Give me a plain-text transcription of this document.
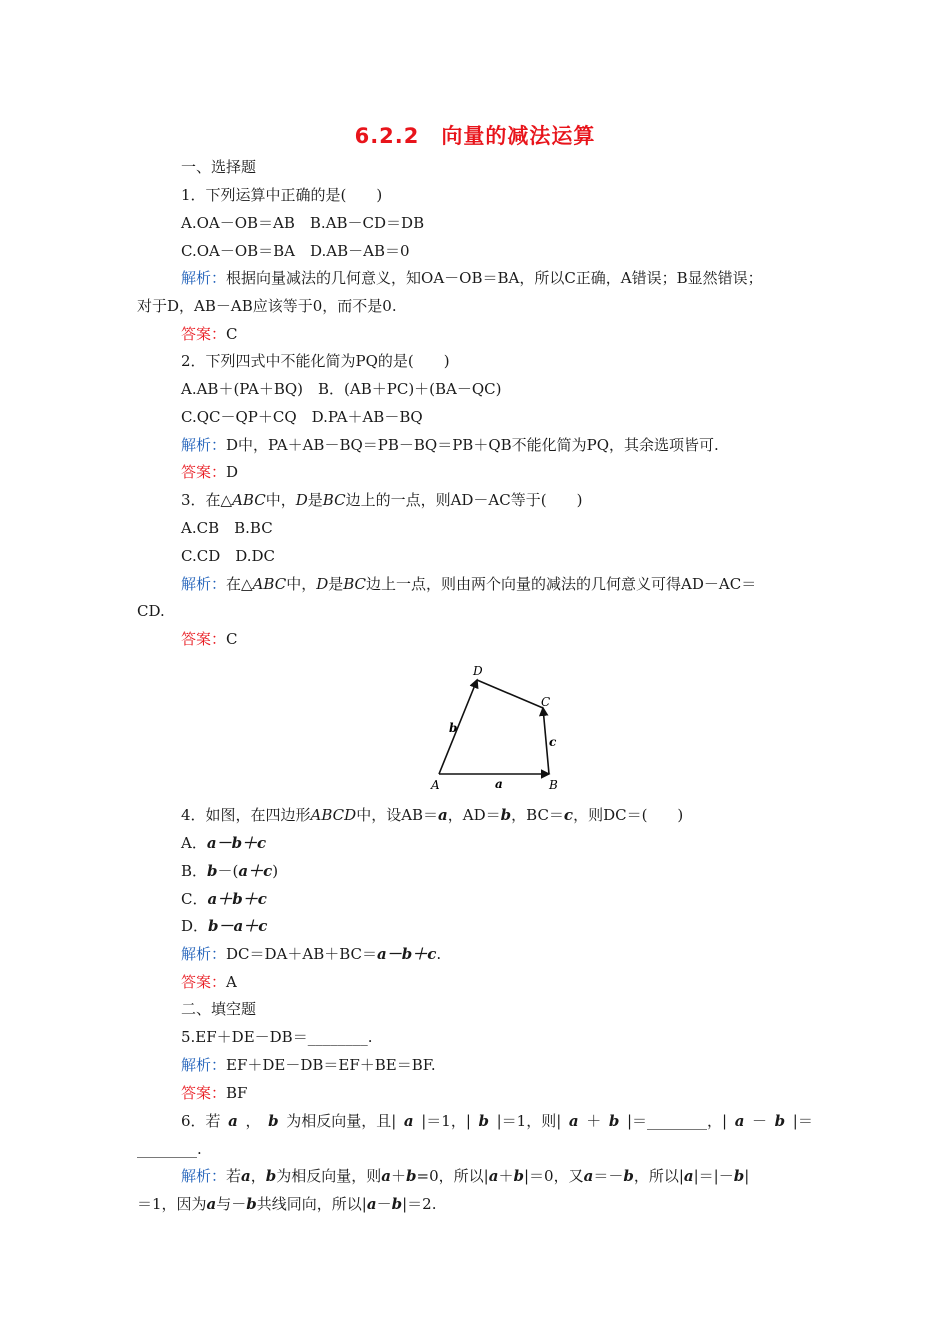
6.2.2　向量的减法运算
一、选择题
1．下列运算中正确的是(　　)
A.OA－OB＝AB　B.AB－CD＝DB
C.OA－OB＝BA　D.AB－AB＝0
解析：根据向量减法的几何意义，知OA－OB＝BA，所以C正确，A错误；B显然错误；
对于D，AB－AB应该等于0，而不是0.
答案：C
2．下列四式中不能化简为PQ的是(　　)
A.AB＋(PA＋BQ)　B．(AB＋PC)＋(BA－QC)
C.QC－QP＋CQ　D.PA＋AB－BQ
解析：D中，PA＋AB－BQ＝PB－BQ＝PB＋QB不能化简为PQ，其余选项皆可.
答案：D
3．在△ABC中，D是BC边上的一点，则AD－AC等于(　　)
A.CB　B.BC
C.CD　D.DC
解析：在△ABC中，D是BC边上一点，则由两个向量的减法的几何意义可得AD－AC＝
CD.
答案：C
A	B
C
D
a
b
c
4．如图，在四边形ABCD中，设AB＝a，AD＝b，BC＝c，则DC＝(　　)
A．a－b＋c
B．b－(a＋c)
C．a＋b＋c
D．b－a＋c
解析：DC＝DA＋AB＋BC＝a－b＋c.
答案：A
二、填空题
5.EF＋DE－DB＝________.
解析：EF＋DE－DB＝EF＋BE＝BF.
答案：BF
6．若 a ， b 为相反向量，且| a |＝1，| b |＝1，则| a ＋ b |＝________，| a － b |＝
________.
解析：若a，b为相反向量，则a＋b=0，所以|a＋b|＝0，又a＝－b，所以|a|＝|－b|
＝1，因为a与－b共线同向，所以|a－b|＝2.
